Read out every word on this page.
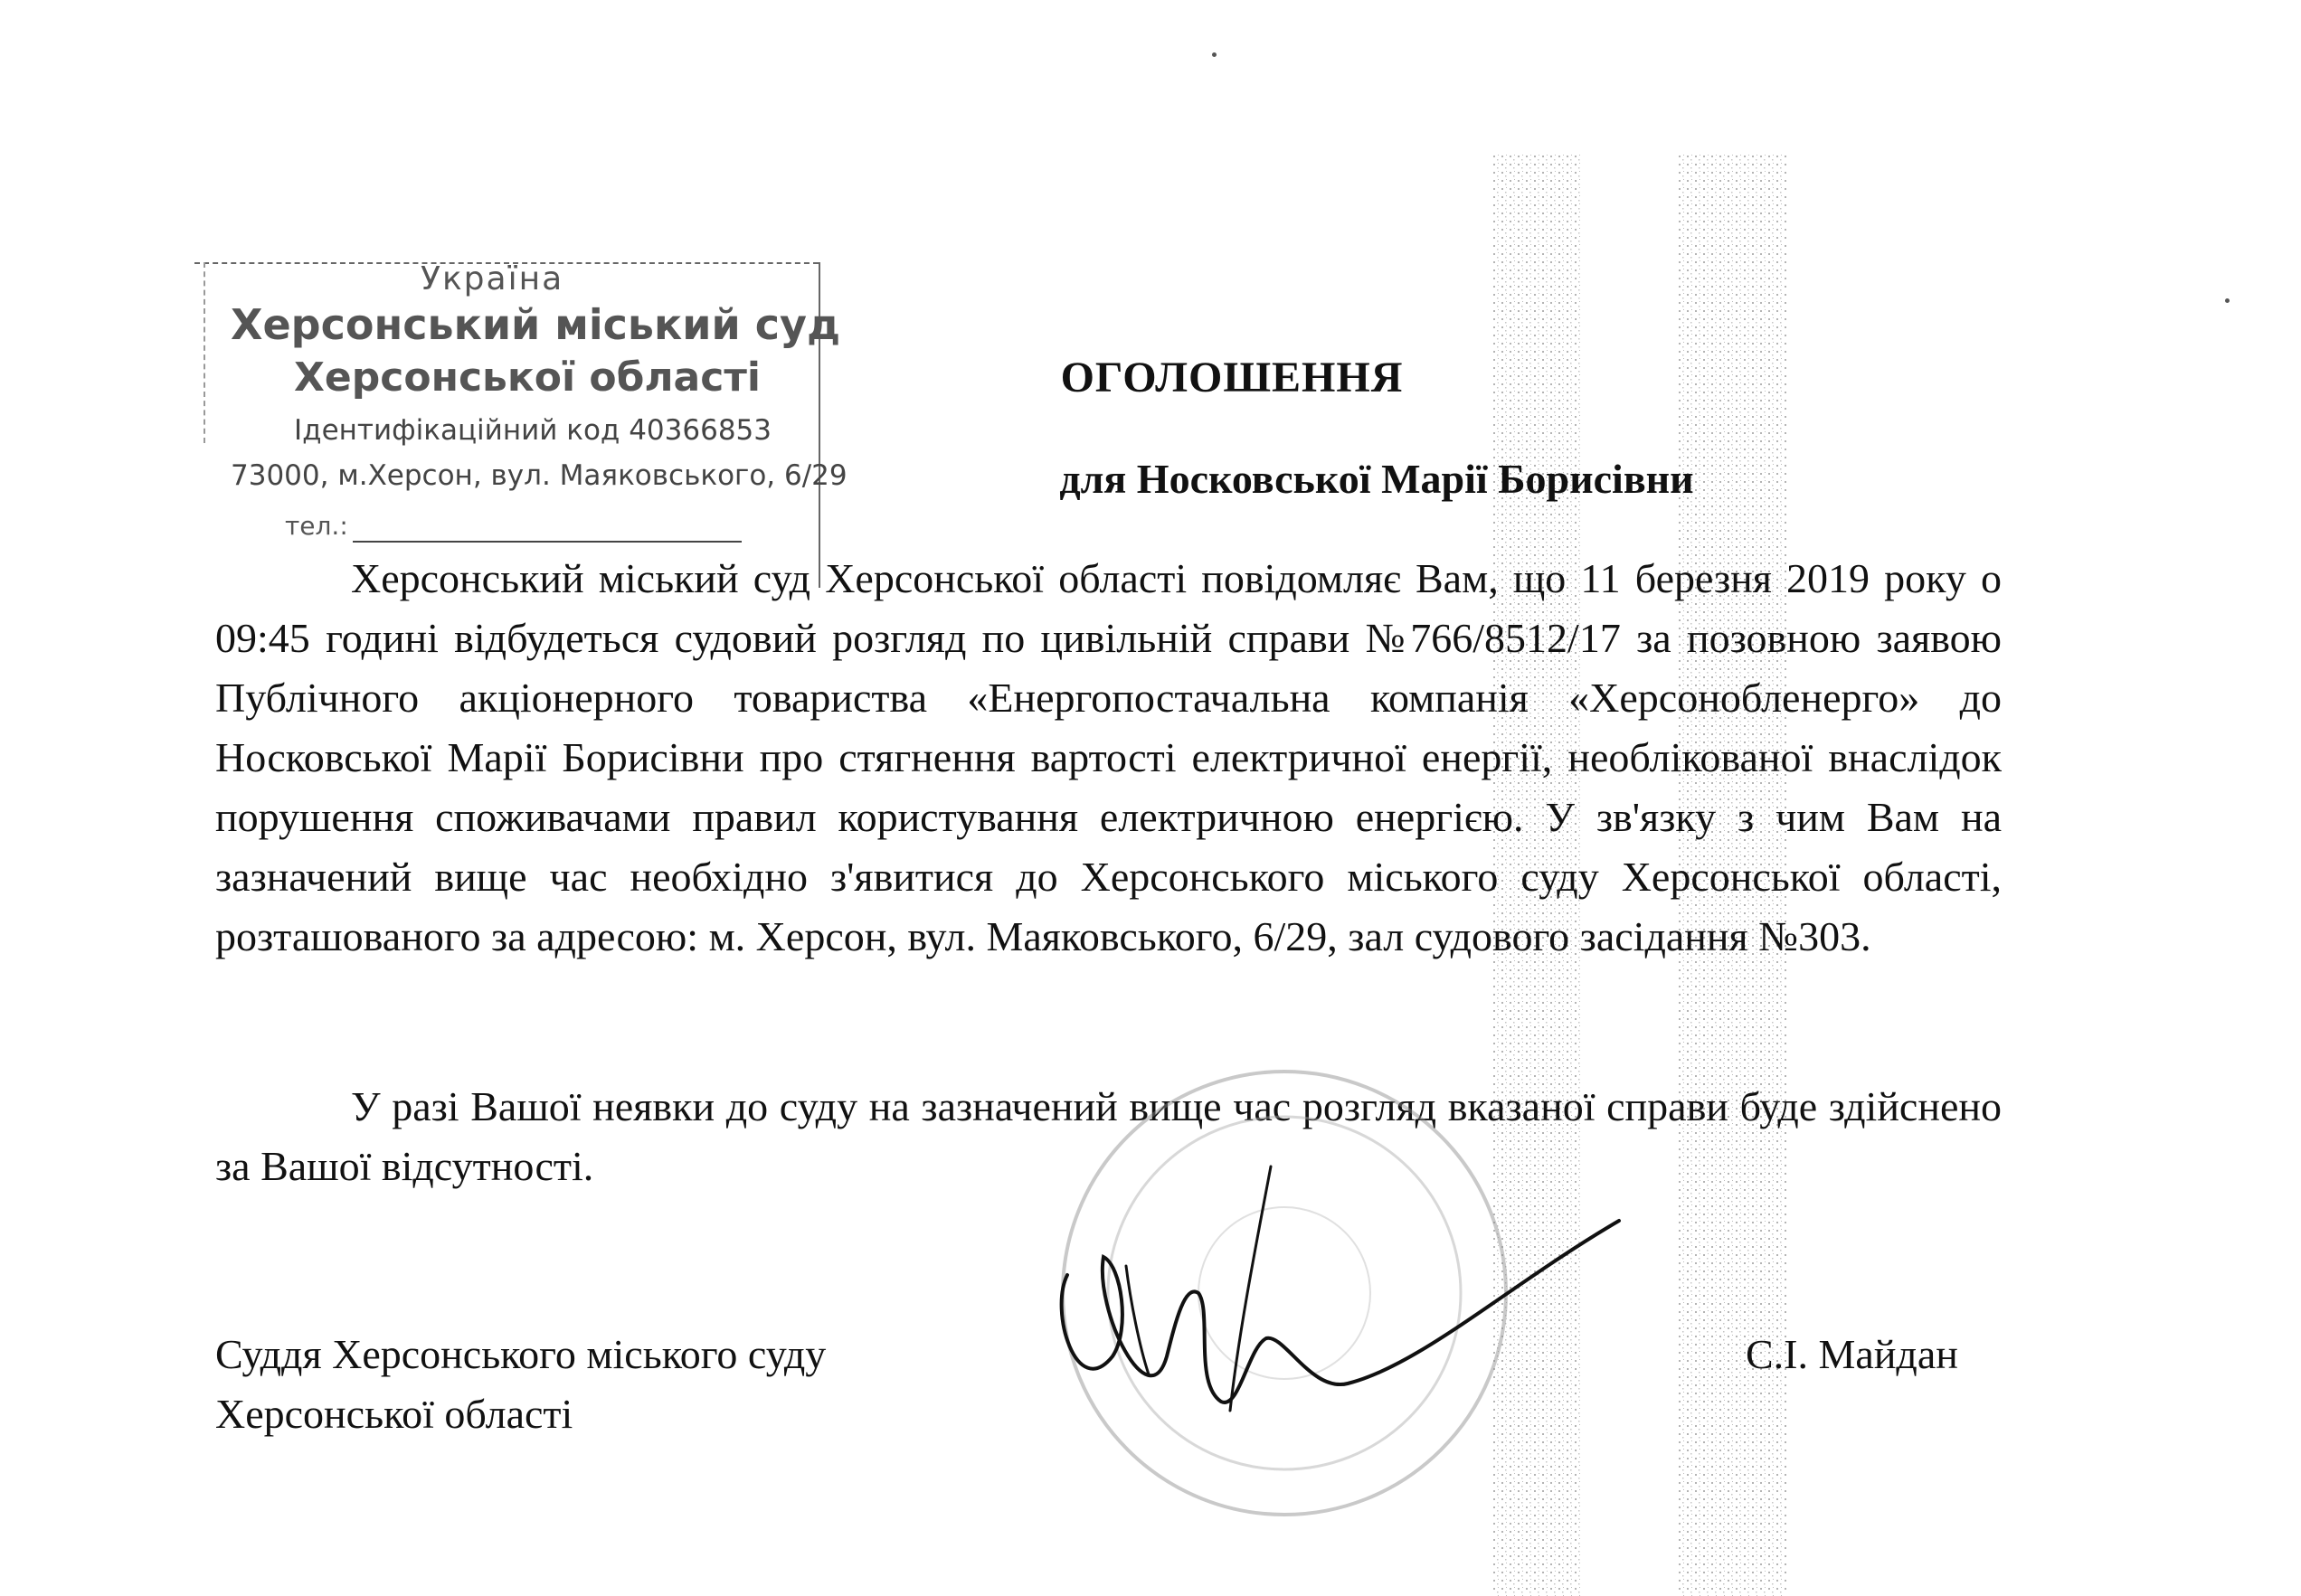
Україна
Херсонський міський суд
Херсонської області
Ідентифікаційний код 40366853
73000, м.Херсон, вул. Маяковського, 6/29
тел.:
ОГОЛОШЕННЯ
для Носковської Марії Борисівни

Херсонський міський суд Херсонської області повідомляє Вам, що 11 березня 2019 року о 09:45 годині відбудеться судовий розгляд по цивільній справи №766/8512/17 за позовною заявою Публічного акціонерного товариства «Енергопостачальна компанія «Херсонобленерго» до Носковської Марії Борисівни про стягнення вартості електричної енергії, необлікованої внаслідок порушення споживачами правил користування електричною енергією. У зв'язку з чим Вам на зазначений вище час необхідно з'явитися до Херсонського міського суду Херсонської області, розташованого за адресою: м. Херсон, вул. Маяковського, 6/29, зал судового засідання №303.

У разі Вашої неявки до суду на зазначений вище час розгляд вказаної справи буде здійснено за Вашої відсутності.

Суддя Херсонського міського суду
Херсонської області
С.І. Майдан
